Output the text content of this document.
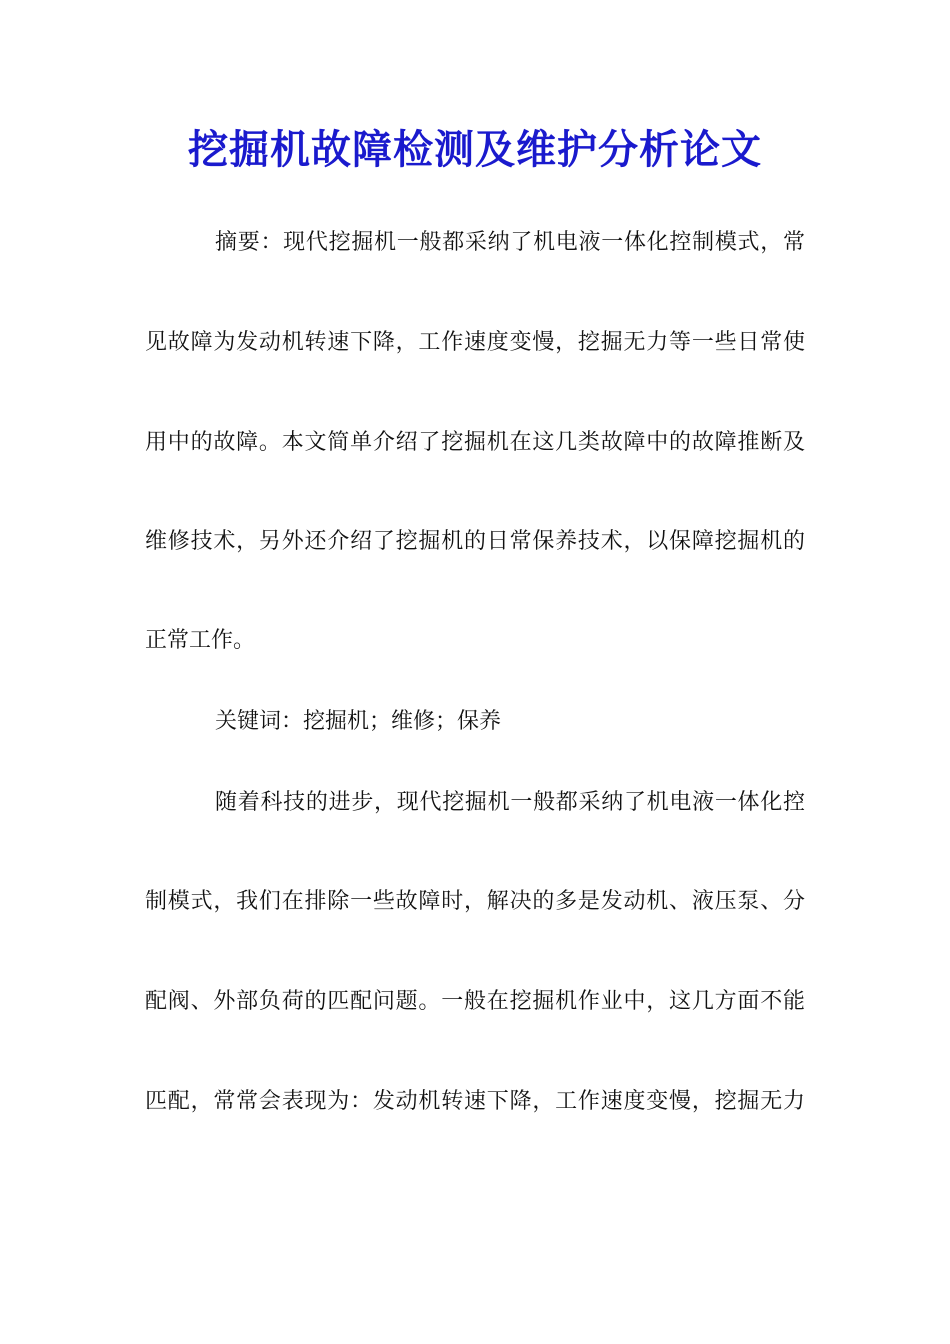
挖掘机故障检测及维护分析论文
摘要：现代挖掘机一般都采纳了机电液一体化控制模式，常
见故障为发动机转速下降，工作速度变慢，挖掘无力等一些日常使
用中的故障。本文简单介绍了挖掘机在这几类故障中的故障推断及
维修技术，另外还介绍了挖掘机的日常保养技术，以保障挖掘机的
正常工作。
关键词：挖掘机；维修；保养
随着科技的进步，现代挖掘机一般都采纳了机电液一体化控
制模式，我们在排除一些故障时，解决的多是发动机、液压泵、分
配阀、外部负荷的匹配问题。一般在挖掘机作业中，这几方面不能
匹配，常常会表现为：发动机转速下降，工作速度变慢，挖掘无力
